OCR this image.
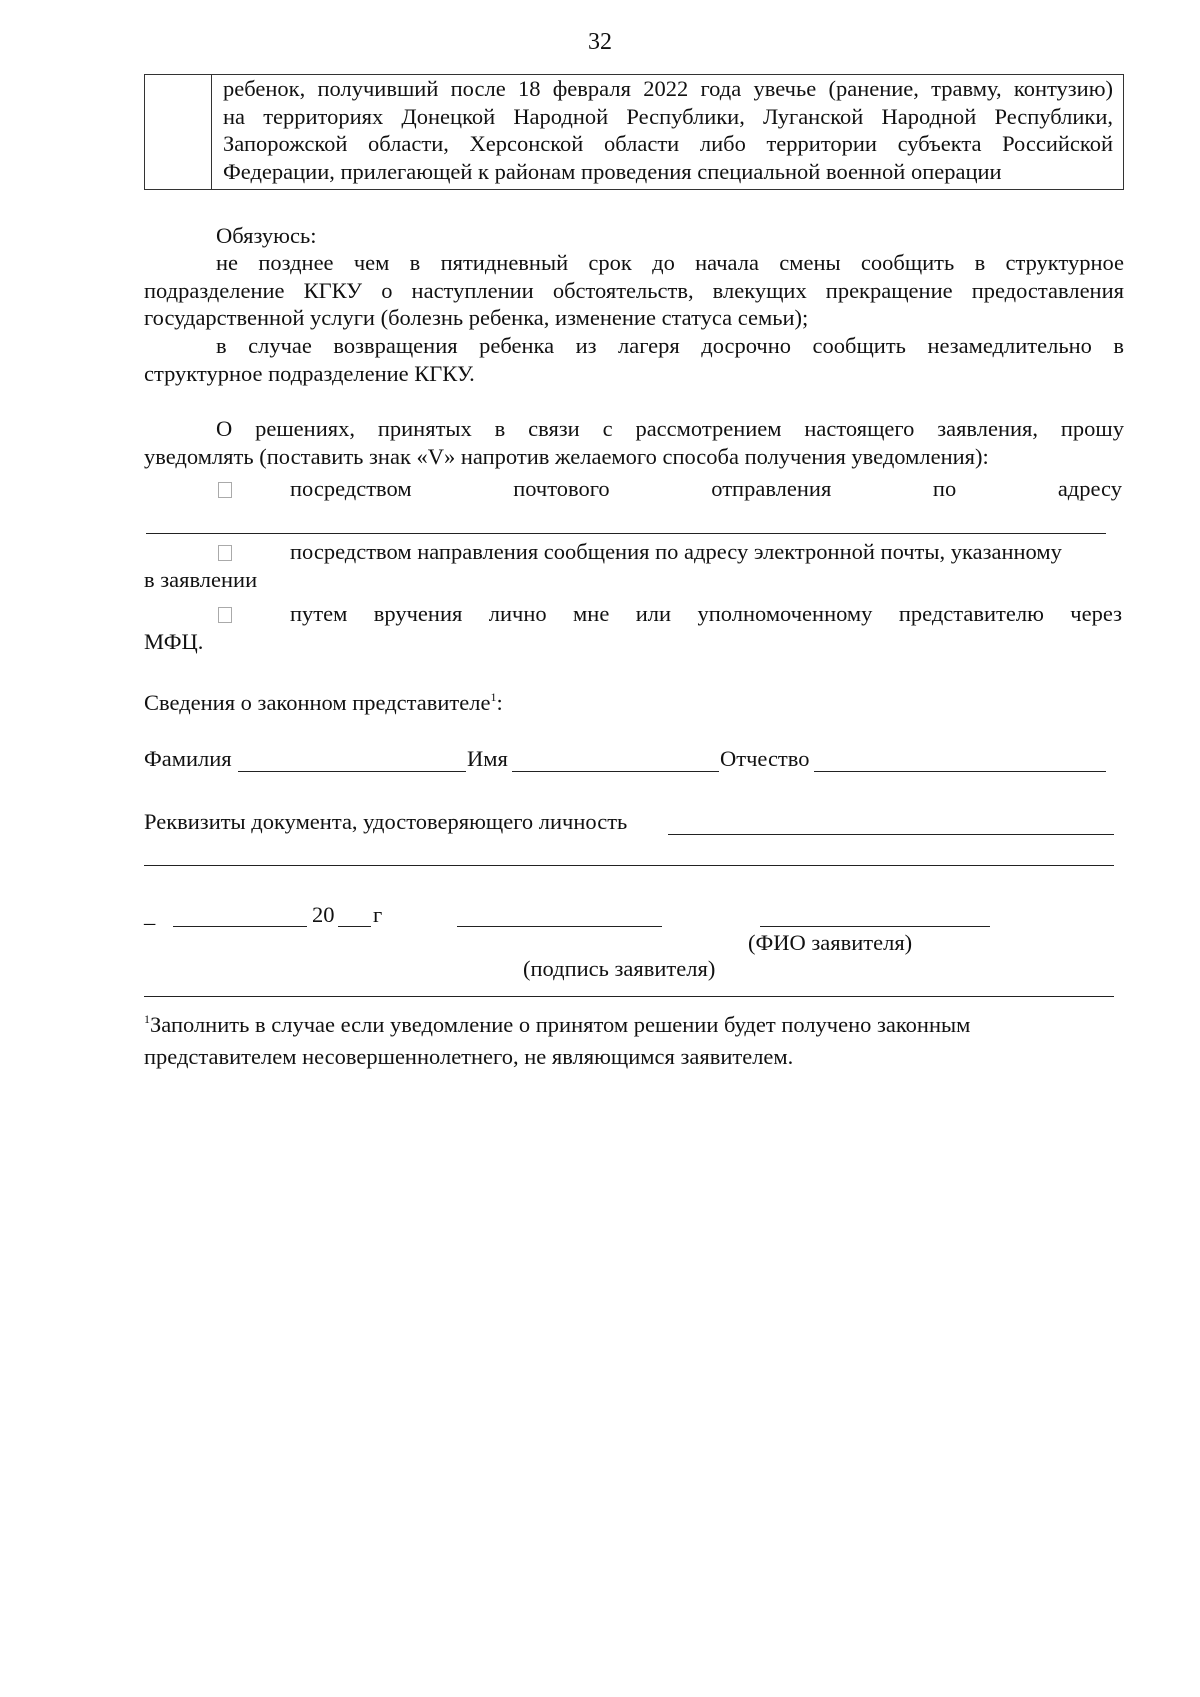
32
ребенок, получивший после 18 февраля 2022 года увечье (ранение, травму, контузию)
на территориях Донецкой Народной Республики, Луганской Народной Республики,
Запорожской области, Херсонской области либо территории субъекта Российской
Федерации, прилегающей к районам проведения специальной военной операции
Обязуюсь:
не позднее чем в пятидневный срок до начала смены сообщить в структурное
подразделение КГКУ о наступлении обстоятельств, влекущих прекращение предоставления
государственной услуги (болезнь ребенка, изменение статуса семьи);
в случае возвращения ребенка из лагеря досрочно сообщить незамедлительно в
структурное подразделение КГКУ.
О решениях, принятых в связи с рассмотрением настоящего заявления, прошу
уведомлять (поставить знак «V» напротив желаемого способа получения уведомления):
посредством почтового отправления по адресу
посредством направления сообщения по адресу электронной почты, указанному
в заявлении
путем вручения лично мне или уполномоченному представителю через
МФЦ.
Сведения о законном представителе$^1$:
Фамилия	Имя	Отчество
Реквизиты документа, удостоверяющего личность
_	20 г
(ФИО заявителя)
(подпись заявителя)
$^1$Заполнить в случае если уведомление о принятом решении будет получено законным
представителем несовершеннолетнего, не являющимся заявителем.
